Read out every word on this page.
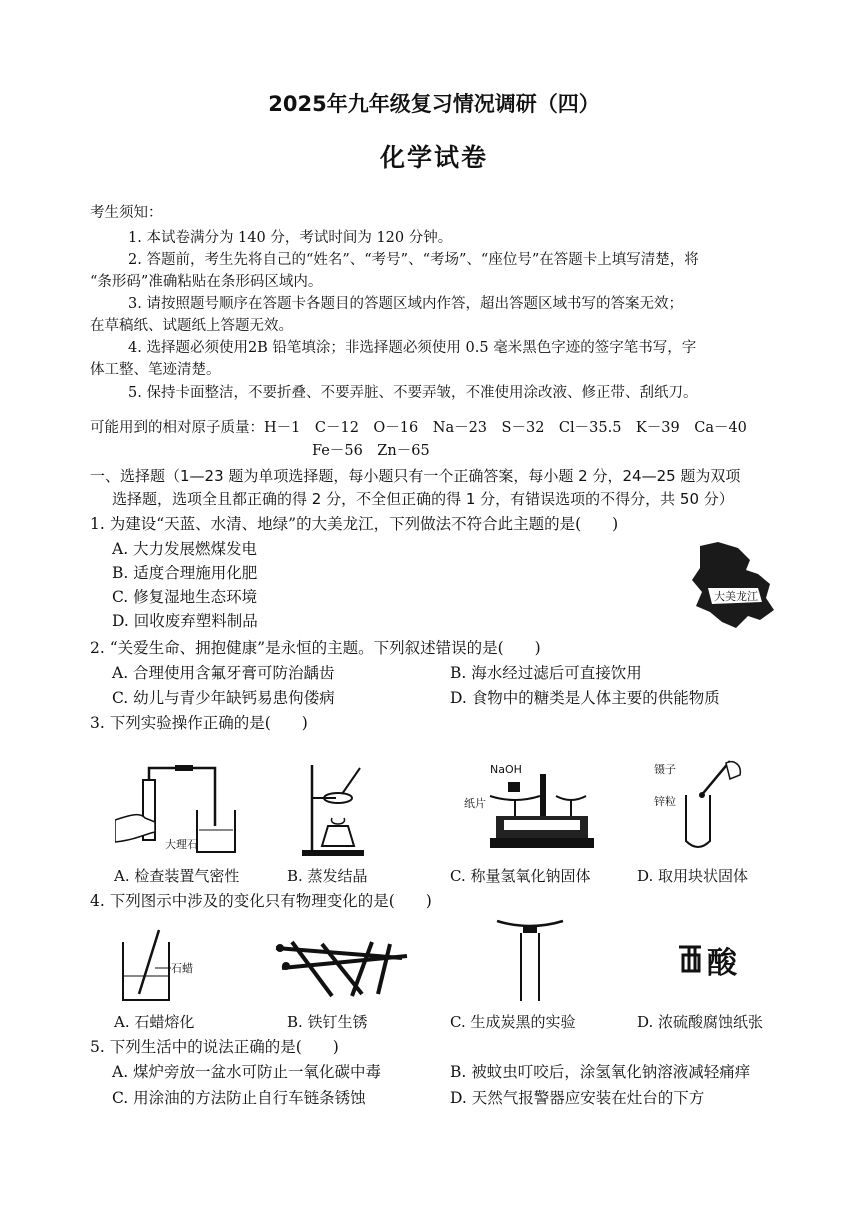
2025年九年级复习情况调研（四）
化学试卷
考生须知：
1. 本试卷满分为 140 分，考试时间为 120 分钟。
2. 答题前，考生先将自己的“姓名”、“考号”、“考场”、“座位号”在答题卡上填写清楚，将
“条形码”准确粘贴在条形码区域内。
3. 请按照题号顺序在答题卡各题目的答题区域内作答，超出答题区域书写的答案无效；
在草稿纸、试题纸上答题无效。
4. 选择题必须使用2B 铅笔填涂；非选择题必须使用 0.5 毫米黑色字迹的签字笔书写，字
体工整、笔迹清楚。
5. 保持卡面整洁，不要折叠、不要弄脏、不要弄皱，不准使用涂改液、修正带、刮纸刀。
可能用到的相对原子质量：H－1　C－12　O－16　Na－23　S－32　Cl－35.5　K－39　Ca－40
Fe－56　Zn－65
一、选择题（1—23 题为单项选择题，每小题只有一个正确答案，每小题 2 分，24—25 题为双项
选择题，选项全且都正确的得 2 分，不全但正确的得 1 分，有错误选项的不得分，共 50 分）
1. 为建设“天蓝、水清、地绿”的大美龙江，下列做法不符合此主题的是(　　)
A. 大力发展燃煤发电
B. 适度合理施用化肥
C. 修复湿地生态环境
D. 回收废弃塑料制品
大美龙江
2. “关爱生命、拥抱健康”是永恒的主题。下列叙述错误的是(　　)
A. 合理使用含氟牙膏可防治龋齿	B. 海水经过滤后可直接饮用
C. 幼儿与青少年缺钙易患佝偻病	D. 食物中的糖类是人体主要的供能物质
3. 下列实验操作正确的是(　　)
大理石
A. 检查装置气密性	B. 蒸发结晶
NaOH
纸片
C. 称量氢氧化钠固体
镊子
锌粒
D. 取用块状固体
4. 下列图示中涉及的变化只有物理变化的是(　　)
石蜡
A. 石蜡熔化	B. 铁钉生锈	C. 生成炭黑的实验
酸
D. 浓硫酸腐蚀纸张
5. 下列生活中的说法正确的是(　　)
A. 煤炉旁放一盆水可防止一氧化碳中毒	B. 被蚊虫叮咬后，涂氢氧化钠溶液减轻痛痒
C. 用涂油的方法防止自行车链条锈蚀	D. 天然气报警器应安装在灶台的下方
